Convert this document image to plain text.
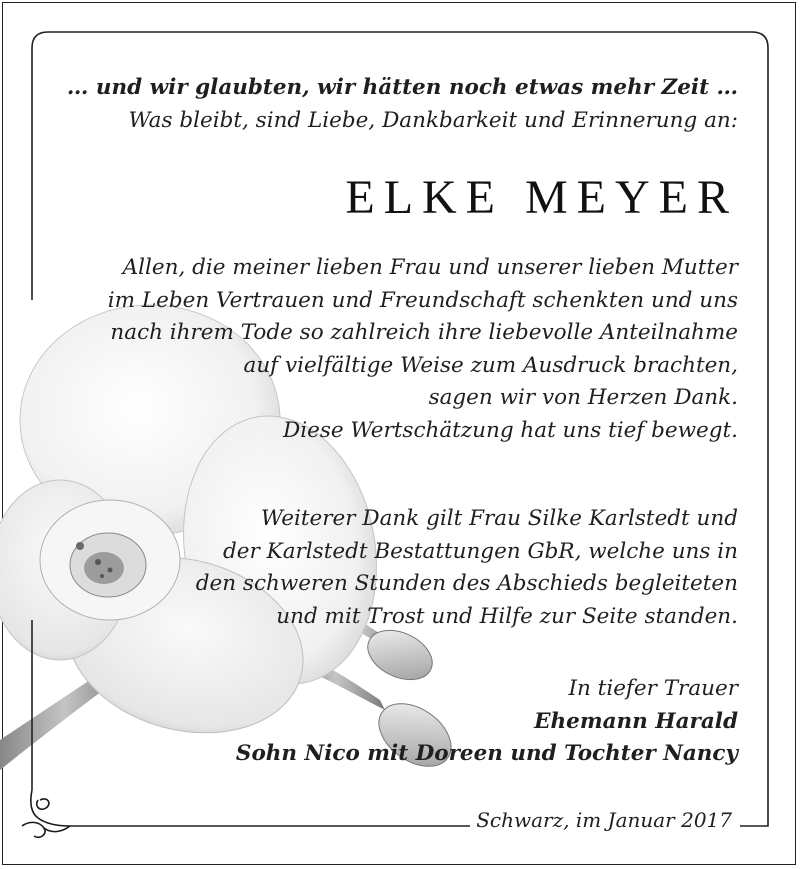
… und wir glaubten, wir hätten noch etwas mehr Zeit …
Was bleibt, sind Liebe, Dankbarkeit und Erinnerung an:
ELKE MEYER
Allen, die meiner lieben Frau und unserer lieben Mutter
im Leben Vertrauen und Freundschaft schenkten und uns
nach ihrem Tode so zahlreich ihre liebevolle Anteilnahme
auf vielfältige Weise zum Ausdruck brachten,
sagen wir von Herzen Dank.
Diese Wertschätzung hat uns tief bewegt.
Weiterer Dank gilt Frau Silke Karlstedt und
der Karlstedt Bestattungen GbR, welche uns in
den schweren Stunden des Abschieds begleiteten
und mit Trost und Hilfe zur Seite standen.
In tiefer Trauer
Ehemann Harald
Sohn Nico mit Doreen und Tochter Nancy
Schwarz, im Januar 2017
